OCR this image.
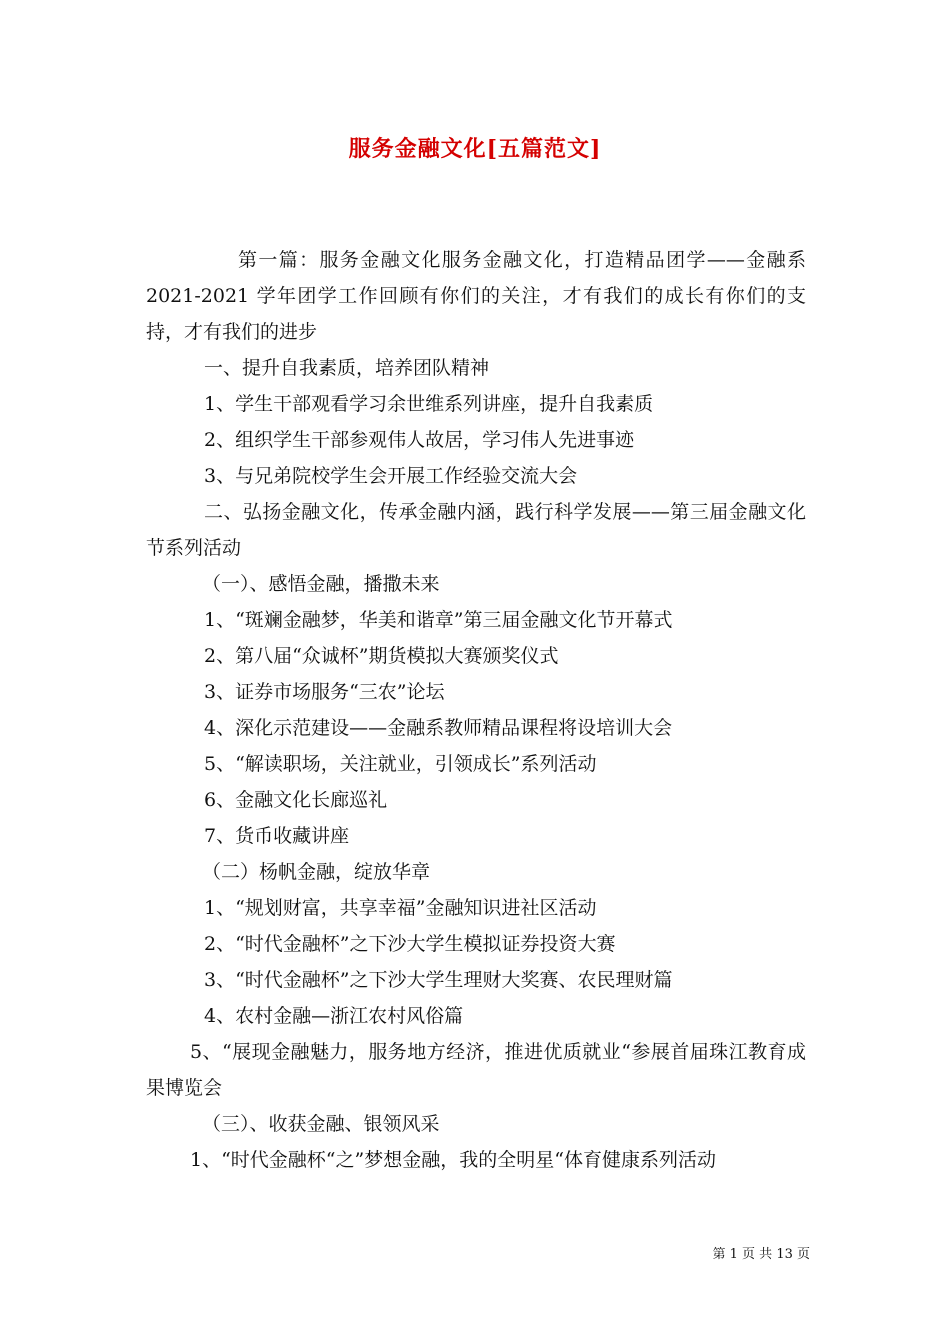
服务金融文化[五篇范文]

第一篇：服务金融文化服务金融文化，打造精品团学——金融系 2021-2021 学年团学工作回顾有你们的关注，才有我们的成长有你们的支持，才有我们的进步

一、提升自我素质，培养团队精神

1、学生干部观看学习余世维系列讲座，提升自我素质

2、组织学生干部参观伟人故居，学习伟人先进事迹

3、与兄弟院校学生会开展工作经验交流大会

二、弘扬金融文化，传承金融内涵，践行科学发展——第三届金融文化节系列活动

（一）、感悟金融，播撒未来

1、“斑斓金融梦，华美和谐章”第三届金融文化节开幕式

2、第八届“众诚杯”期货模拟大赛颁奖仪式

3、证券市场服务“三农”论坛

4、深化示范建设——金融系教师精品课程将设培训大会

5、“解读职场，关注就业，引领成长”系列活动

6、金融文化长廊巡礼

7、货币收藏讲座

（二）杨帆金融，绽放华章

1、“规划财富，共享幸福”金融知识进社区活动

2、“时代金融杯”之下沙大学生模拟证券投资大赛

3、“时代金融杯”之下沙大学生理财大奖赛、农民理财篇

4、农村金融—浙江农村风俗篇

5、“展现金融魅力，服务地方经济，推进优质就业“参展首届珠江教育成果博览会

（三）、收获金融、银领风采

1、“时代金融杯“之”梦想金融，我的全明星“体育健康系列活动

第 1 页 共 13 页
